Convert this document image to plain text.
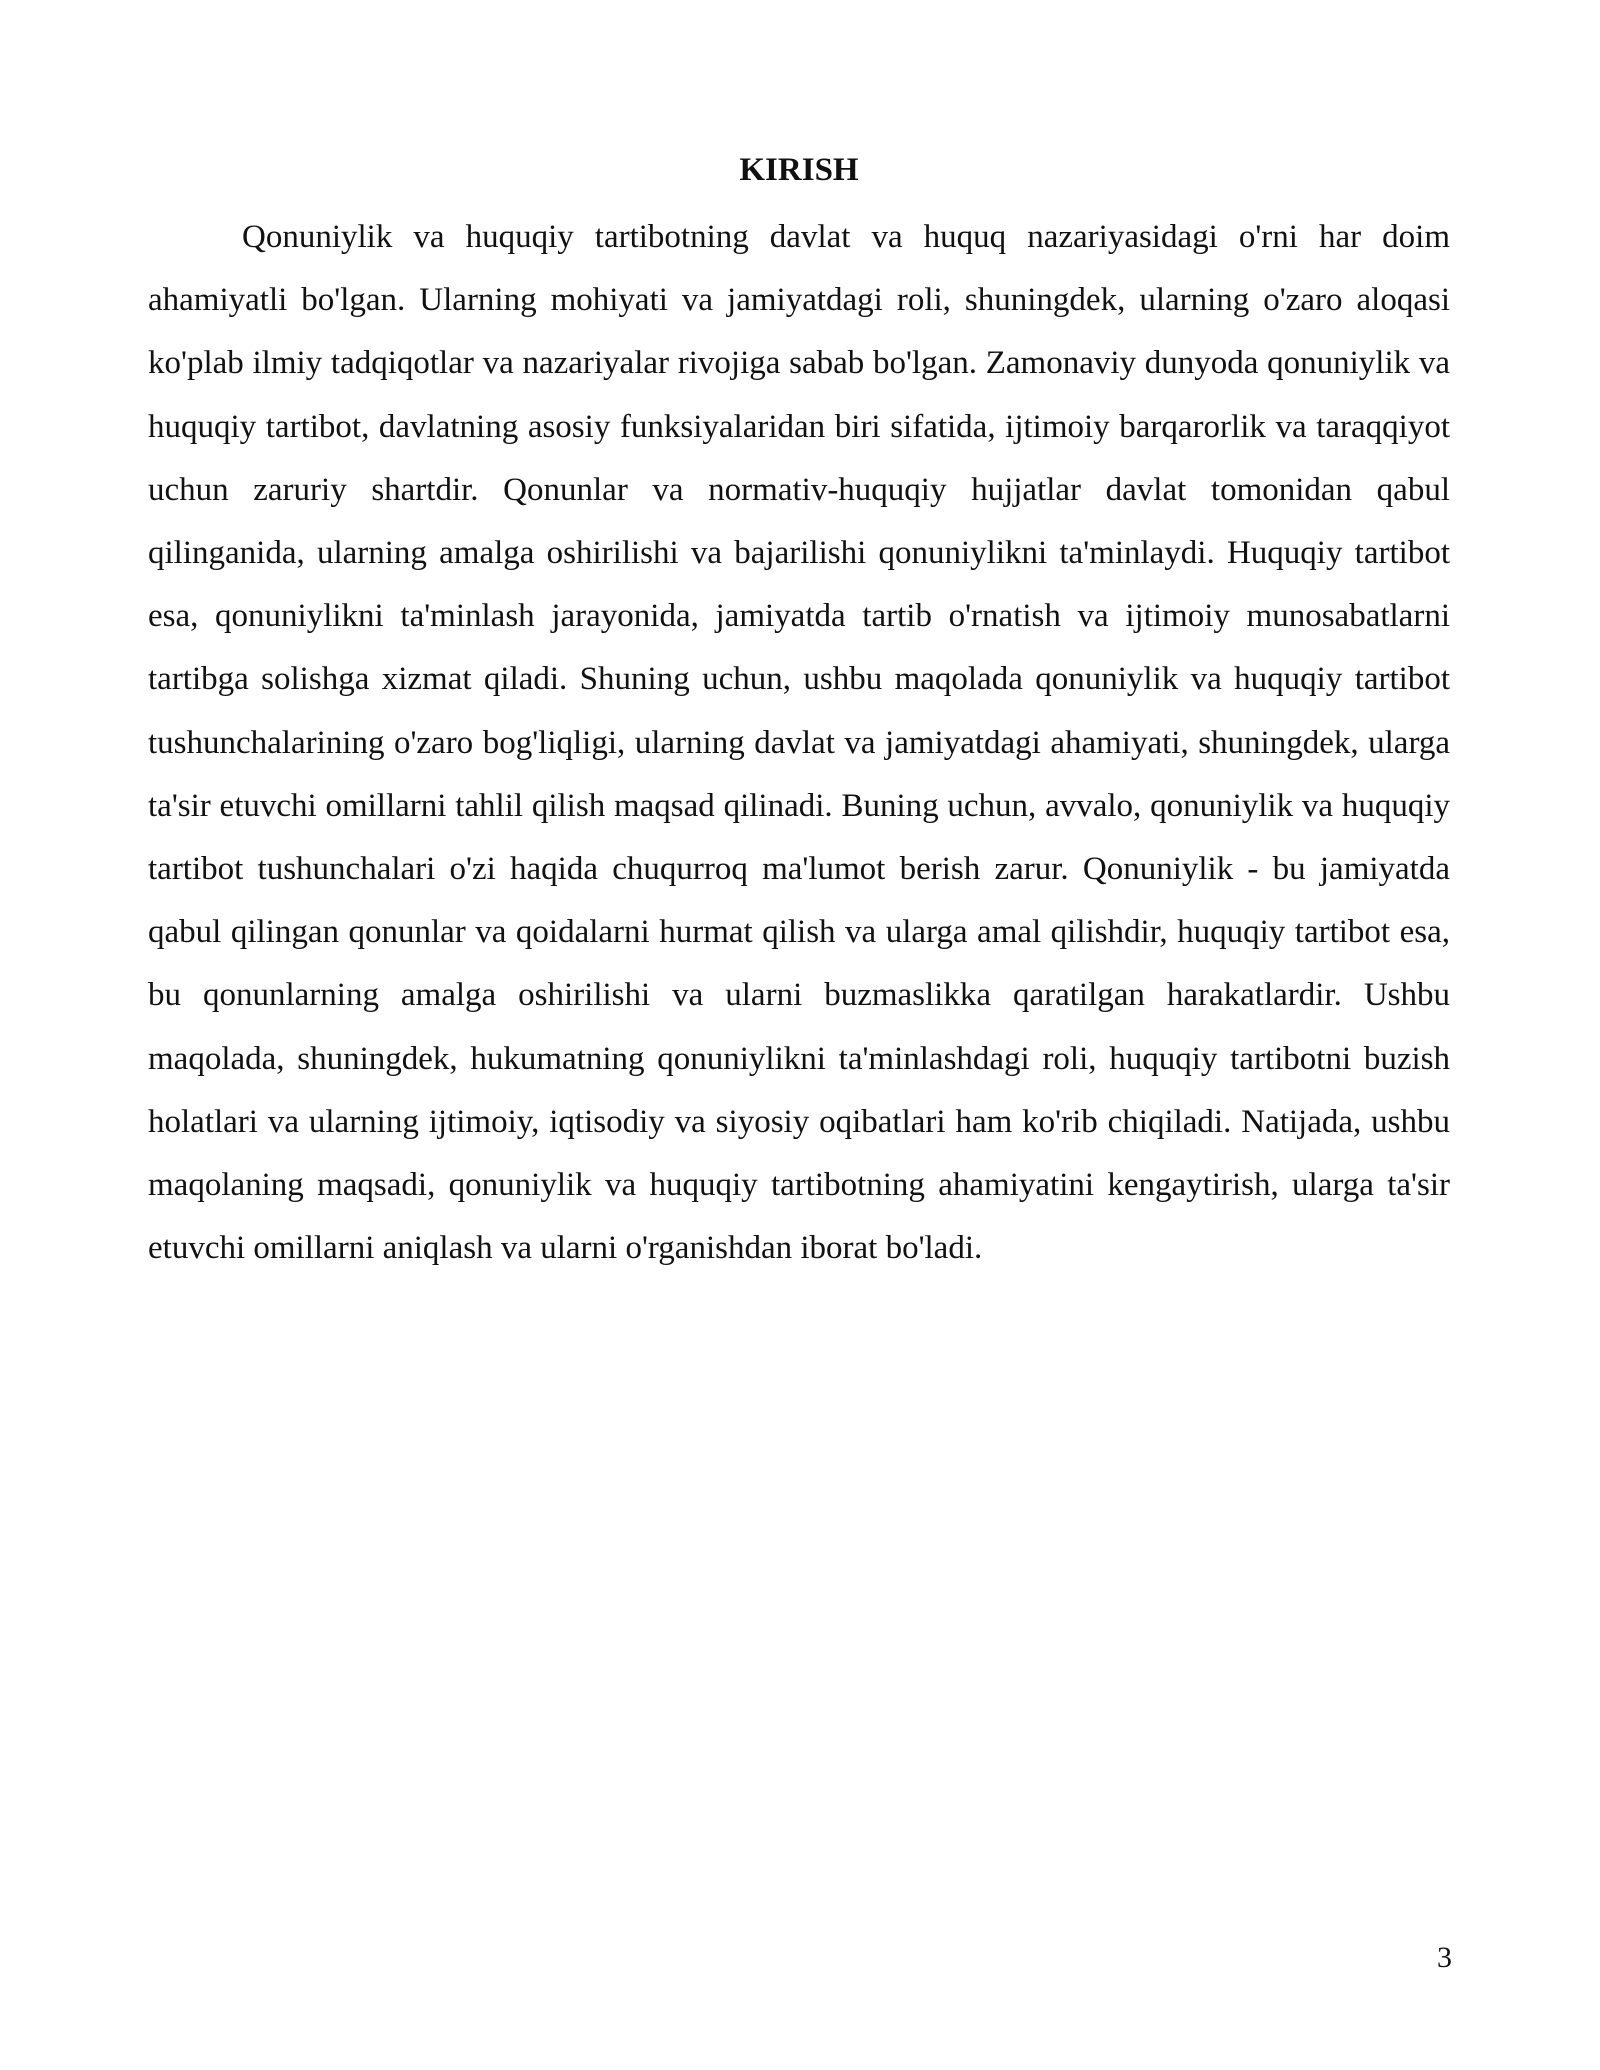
KIRISH

Qonuniylik va huquqiy tartibotning davlat va huquq nazariyasidagi o'rni har doim ahamiyatli bo'lgan. Ularning mohiyati va jamiyatdagi roli, shuningdek, ularning o'zaro aloqasi ko'plab ilmiy tadqiqotlar va nazariyalar rivojiga sabab bo'lgan. Zamonaviy dunyoda qonuniylik va huquqiy tartibot, davlatning asosiy funksiyalaridan biri sifatida, ijtimoiy barqarorlik va taraqqiyot uchun zaruriy shartdir. Qonunlar va normativ-huquqiy hujjatlar davlat tomonidan qabul qilinganida, ularning amalga oshirilishi va bajarilishi qonuniylikni ta'minlaydi. Huquqiy tartibot esa, qonuniylikni ta'minlash jarayonida, jamiyatda tartib o'rnatish va ijtimoiy munosabatlarni tartibga solishga xizmat qiladi. Shuning uchun, ushbu maqolada qonuniylik va huquqiy tartibot tushunchalarining o'zaro bog'liqligi, ularning davlat va jamiyatdagi ahamiyati, shuningdek, ularga ta'sir etuvchi omillarni tahlil qilish maqsad qilinadi. Buning uchun, avvalo, qonuniylik va huquqiy tartibot tushunchalari o'zi haqida chuqurroq ma'lumot berish zarur. Qonuniylik - bu jamiyatda qabul qilingan qonunlar va qoidalarni hurmat qilish va ularga amal qilishdir, huquqiy tartibot esa, bu qonunlarning amalga oshirilishi va ularni buzmaslikka qaratilgan harakatlardir. Ushbu maqolada, shuningdek, hukumatning qonuniylikni ta'minlashdagi roli, huquqiy tartibotni buzish holatlari va ularning ijtimoiy, iqtisodiy va siyosiy oqibatlari ham ko'rib chiqiladi. Natijada, ushbu maqolaning maqsadi, qonuniylik va huquqiy tartibotning ahamiyatini kengaytirish, ularga ta'sir etuvchi omillarni aniqlash va ularni o'rganishdan iborat bo'ladi.

3
